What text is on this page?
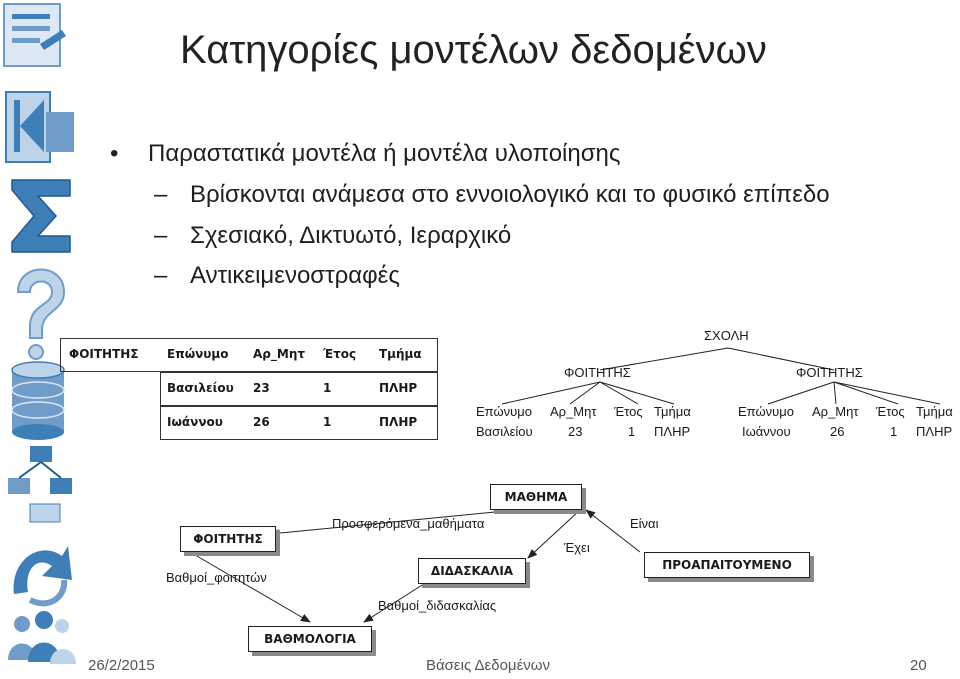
Κατηγορίες μοντέλων δεδομένων
• Παραστατικά μοντέλα ή μοντέλα υλοποίησης
– Βρίσκονται ανάμεσα στο εννοιολογικό και το φυσικό επίπεδο
– Σχεσιακό, Δικτυωτό, Ιεραρχικό
– Αντικειμενοστραφές
ΦΟΙΤΗΤΗΣ	Επώνυμο	Αρ_Μητ	Έτος	Τμήμα
Βασιλείου	23	1	ΠΛΗΡ
Ιωάννου	26	1	ΠΛΗΡ
ΣΧΟΛΗ
ΦΟΙΤΗΤΗΣ	ΦΟΙΤΗΤΗΣ
Επώνυμο Αρ_Μητ Έτος Τμήμα
Βασιλείου	23	1 ΠΛΗΡ
Επώνυμο Αρ_Μητ Έτος Τμήμα
Ιωάννου	26	1 ΠΛΗΡ
ΜΑΘΗΜΑ
ΦΟΙΤΗΤΗΣ
ΔΙΔΑΣΚΑΛΙΑ	ΠΡΟΑΠΑΙΤΟΥΜΕΝΟ
ΒΑΘΜΟΛΟΓΙΑ
Προσφερόμενα_μαθήματα	Είναι
Έχει
Βαθμοί_φοιτητών
Βαθμοί_διδασκαλίας
26/2/2015	Βάσεις Δεδομένων	20
